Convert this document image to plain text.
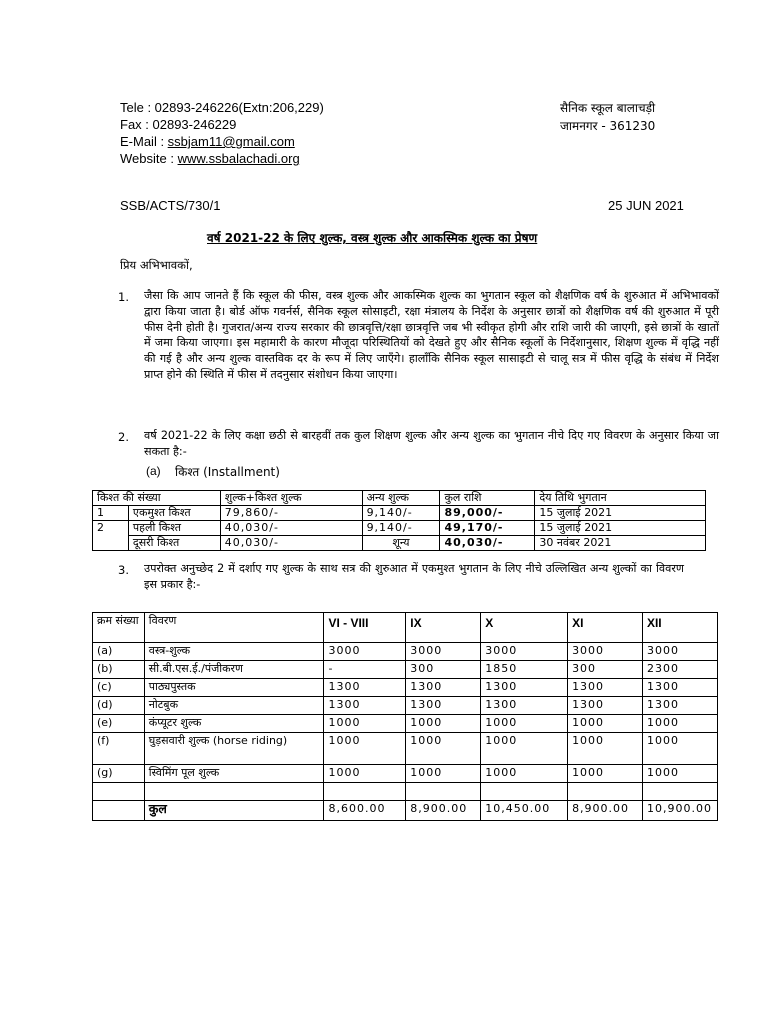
Tele : 02893-246226(Extn:206,229)
Fax : 02893-246229
E-Mail : ssbjam11@gmail.com
Website : www.ssbalachadi.org
सैनिक स्कूल बालाचड़ी
जामनगर - 361230
SSB/ACTS/730/1	25 JUN 2021
वर्ष 2021-22 के लिए शुल्क, वस्त्र शुल्क और आकस्मिक शुल्क का प्रेषण
प्रिय अभिभावकों,
1. जैसा कि आप जानते हैं कि स्कूल की फीस, वस्त्र शुल्क और आकस्मिक शुल्क का भुगतान स्कूल को शैक्षणिक वर्ष के शुरुआत में अभिभावकों द्वारा किया जाता है। बोर्ड ऑफ गवर्नर्स, सैनिक स्कूल सोसाइटी, रक्षा मंत्रालय के निर्देश के अनुसार छात्रों को शैक्षणिक वर्ष की शुरुआत में पूरी फीस देनी होती है। गुजरात/अन्य राज्य सरकार की छात्रवृत्ति/रक्षा छात्रवृत्ति जब भी स्वीकृत होगी और राशि जारी की जाएगी, इसे छात्रों के खातों में जमा किया जाएगा। इस महामारी के कारण मौजूदा परिस्थितियों को देखते हुए और सैनिक स्कूलों के निर्देशानुसार, शिक्षण शुल्क में वृद्धि नहीं की गई है और अन्य शुल्क वास्तविक दर के रूप में लिए जाएँगे। हालाँकि सैनिक स्कूल सासाइटी से चालू सत्र में फीस वृद्धि के संबंध में निर्देश प्राप्त होने की स्थिति में फीस में तदनुसार संशोधन किया जाएगा।
2. वर्ष 2021-22 के लिए कक्षा छठी से बारहवीं तक कुल शिक्षण शुल्क और अन्य शुल्क का भुगतान नीचे दिए गए विवरण के अनुसार किया जा सकता है:-
(a) किश्त (Installment)
किश्त की संख्या		शुल्क+किश्त शुल्क	अन्य शुल्क	कुल राशि	देय तिथि भुगतान
1	एकमुश्त किश्त	79,860/-	9,140/-	89,000/-	15 जुलाई 2021
2	पहली किश्त	40,030/-	9,140/-	49,170/-	15 जुलाई 2021
	दूसरी किश्त	40,030/-	शून्य	40,030/-	30 नवंबर 2021
3. उपरोक्त अनुच्छेद 2 में दर्शाए गए शुल्क के साथ सत्र की शुरुआत में एकमुश्त भुगतान के लिए नीचे उल्लिखित अन्य शुल्कों का विवरण इस प्रकार है:-
क्रम संख्या	विवरण	VI - VIII	IX	X	XI	XII
(a)	वस्त्र-शुल्क	3000	3000	3000	3000	3000
(b)	सी.बी.एस.ई./पंजीकरण	-	300	1850	300	2300
(c)	पाठ्यपुस्तक	1300	1300	1300	1300	1300
(d)	नोटबुक	1300	1300	1300	1300	1300
(e)	कंप्यूटर शुल्क	1000	1000	1000	1000	1000
(f)	घुड़सवारी शुल्क (horse riding)	1000	1000	1000	1000	1000
(g)	स्विमिंग पूल शुल्क	1000	1000	1000	1000	1000

	कुल	8,600.00	8,900.00	10,450.00	8,900.00	10,900.00
